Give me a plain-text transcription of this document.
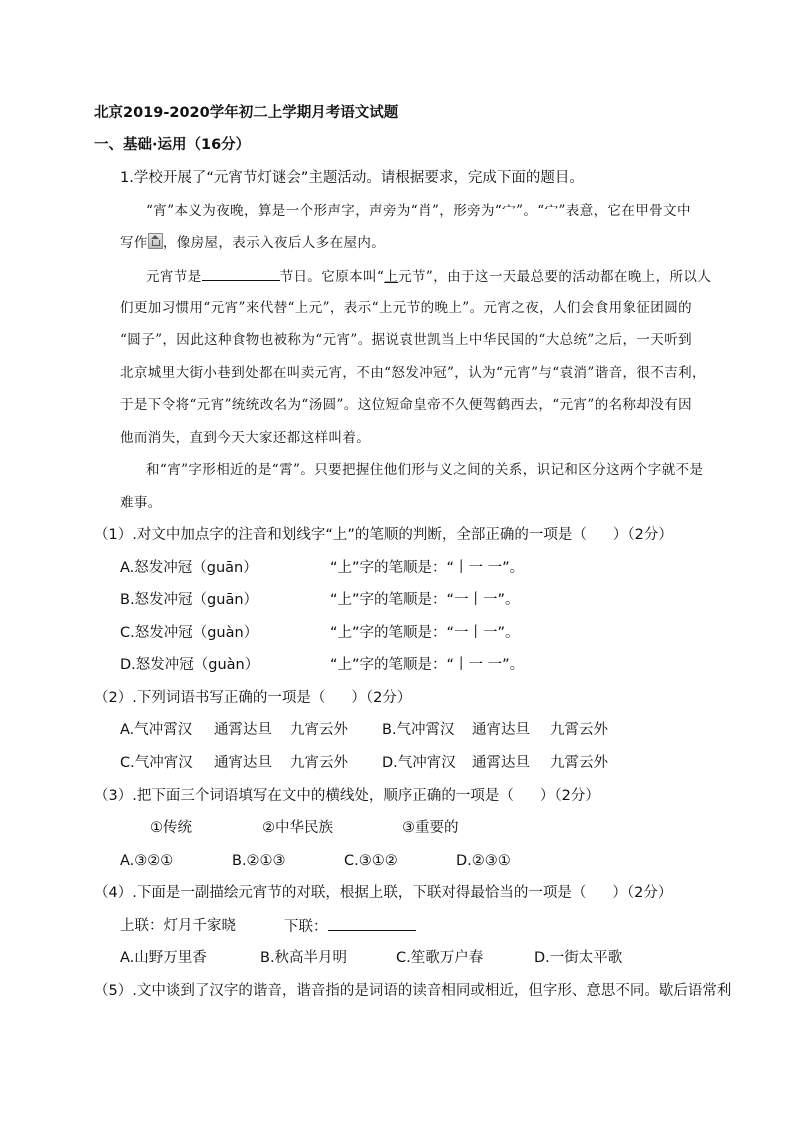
北京2019-2020学年初二上学期月考语文试题
一、基础·运用（16分）
1.学校开展了“元宵节灯谜会”主题活动。请根据要求，完成下面的题目。
“宵”本义为夜晚，算是一个形声字，声旁为“肖”，形旁为“宀”。“宀”表意，它在甲骨文中
写作 ，像房屋，表示入夜后人多在屋内。
元宵节是	节日。它原本叫“上元节”，由于这一天最总要的活动都在晚上，所以人
们更加习惯用“元宵”来代替“上元”，表示“上元节的晚上”。元宵之夜，人们会食用象征团圆的
“圆子”，因此这种食物也被称为“元宵”。据说袁世凯当上中华民国的“大总统”之后，一天听到
北京城里大街小巷到处都在叫卖元宵，不由“怒发冲冠”，认为“元宵”与“袁消”谐音，很不吉利，
于是下令将“元宵”统统改名为“汤圆”。这位短命皇帝不久便驾鹤西去，“元宵”的名称却没有因
他而消失，直到今天大家还都这样叫着。
和“宵”字形相近的是“霄”。只要把握住他们形与义之间的关系，识记和区分这两个字就不是
难事。
（1）.对文中加点字的注音和划线字“上”的笔顺的判断，全部正确的一项是（ ）（2分）
A.怒发冲冠（guān）	“上”字的笔顺是：“丨一 一”。
B.怒发冲冠（guān）	“上”字的笔顺是：“一丨一”。
C.怒发冲冠（guàn）	“上”字的笔顺是：“一丨一”。
D.怒发冲冠（guàn）	“上”字的笔顺是：“丨一 一”。
（2）.下列词语书写正确的一项是（ ）（2分）
A.气冲霄汉 通霄达旦 九宵云外 B.气冲霄汉 通宵达旦 九霄云外
C.气冲宵汉 通宵达旦 九宵云外 D.气冲宵汉 通霄达旦 九霄云外
（3）.把下面三个词语填写在文中的横线处，顺序正确的一项是（ ）（2分）
①传统	②中华民族	③重要的
A.③②①	B.②①③	C.③①②	D.②③①
（4）.下面是一副描绘元宵节的对联，根据上联，下联对得最恰当的一项是（ ）（2分）
上联：灯月千家晓	下联：
A.山野万里香	B.秋高半月明	C.笙歌万户春	D.一街太平歌
（5）.文中谈到了汉字的谐音，谐音指的是词语的读音相同或相近，但字形、意思不同。歇后语常利
